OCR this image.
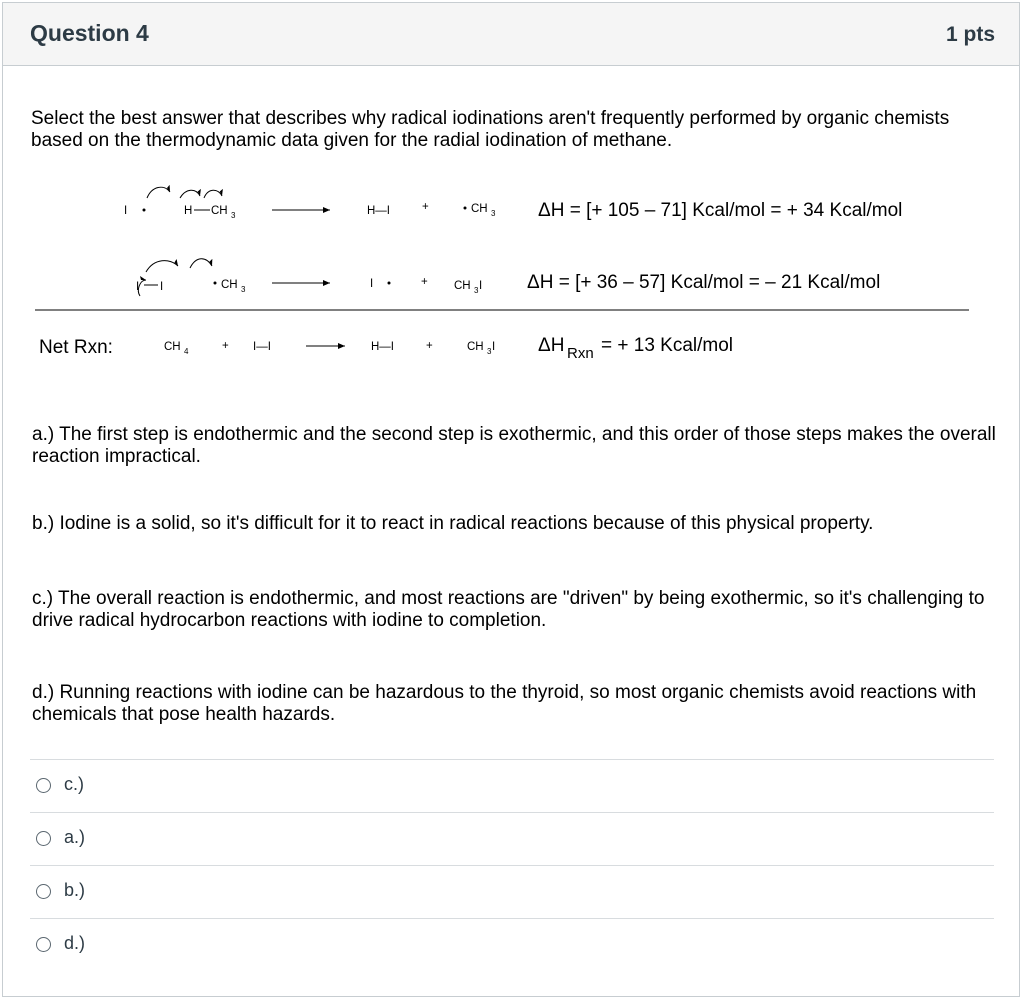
Question 4	1 pts
Select the best answer that describes why radical iodinations aren't frequently performed by organic chemists based on the thermodynamic data given for the radial iodination of methane.
I	H CH 3	H—I	+	CH 3 ΔH = [+ 105 – 71] Kcal/mol = + 34 Kcal/mol
I I	CH 3	I	+ CH 3 I ΔH = [+ 36 – 57] Kcal/mol = – 21 Kcal/mol
Net Rxn:	CH 4	+ I—I	H—I	+	CH 3 I ΔH Rxn = + 13 Kcal/mol
a.) The first step is endothermic and the second step is exothermic, and this order of those steps makes the overall reaction impractical.
b.) Iodine is a solid, so it's difficult for it to react in radical reactions because of this physical property.
c.) The overall reaction is endothermic, and most reactions are "driven" by being exothermic, so it's challenging to drive radical hydrocarbon reactions with iodine to completion.
d.) Running reactions with iodine can be hazardous to the thyroid, so most organic chemists avoid reactions with chemicals that pose health hazards.
c.)
a.)
b.)
d.)
